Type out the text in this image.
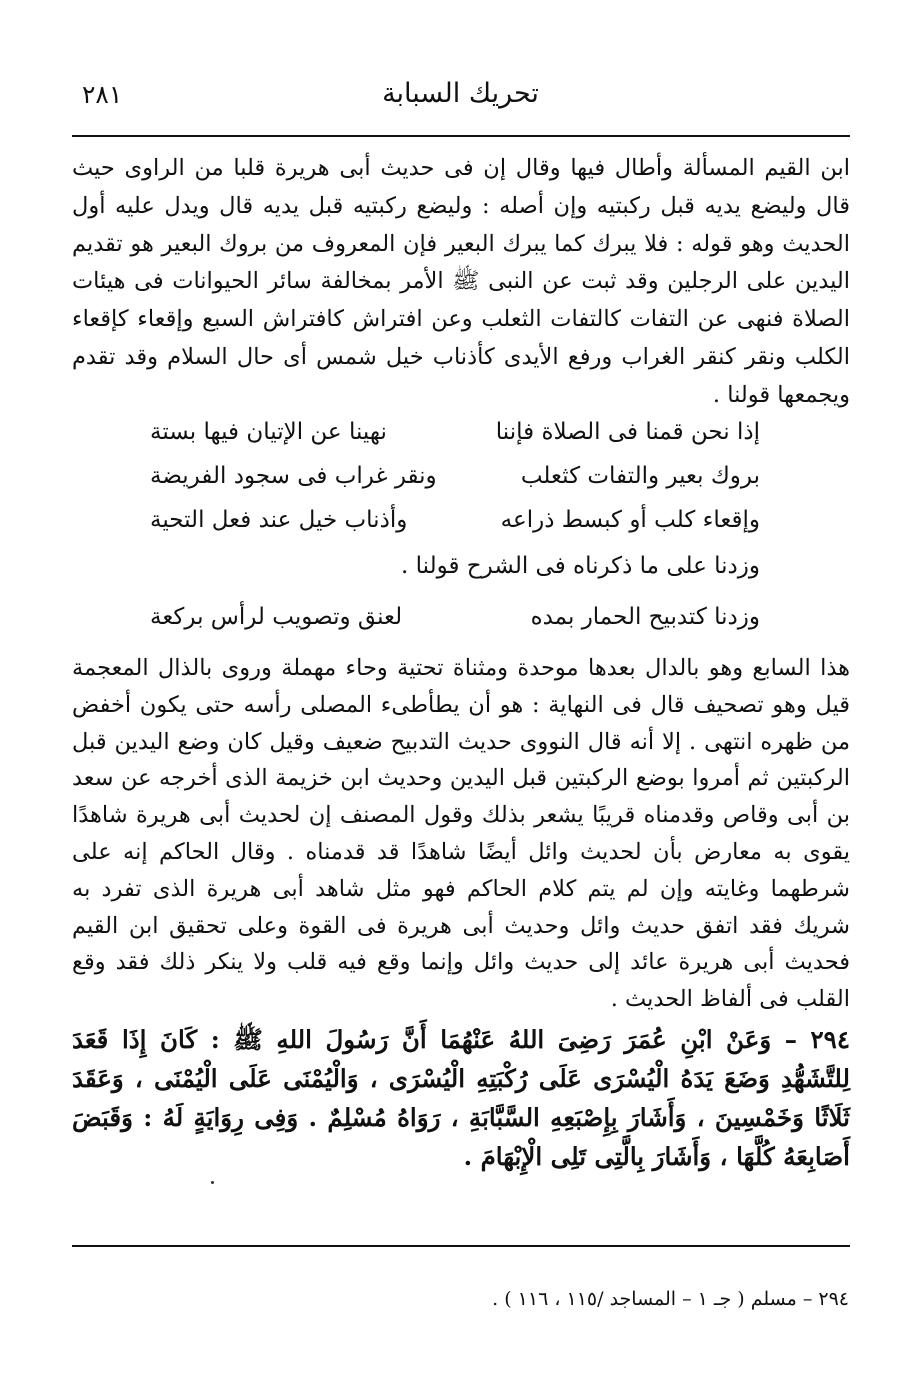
٢٨١	تحريك السبابة
ابن القيم المسألة وأطال فيها وقال إن فى حديث أبى هريرة قلبا من الراوى حيث قال وليضع يديه قبل ركبتيه وإن أصله : وليضع ركبتيه قبل يديه قال ويدل عليه أول الحديث وهو قوله : فلا يبرك كما يبرك البعير فإن المعروف من بروك البعير هو تقديم اليدين على الرجلين وقد ثبت عن النبى ﷺ الأمر بمخالفة سائر الحيوانات فى هيئات الصلاة فنهى عن التفات كالتفات الثعلب وعن افتراش كافتراش السبع وإقعاء كإقعاء الكلب ونقر كنقر الغراب ورفع الأيدى كأذناب خيل شمس أى حال السلام وقد تقدم ويجمعها قولنا .
إذا نحن قمنا فى الصلاة فإننا
نهينا عن الإتيان فيها بستة
بروك بعير والتفات كثعلب
ونقر غراب فى سجود الفريضة
وإقعاء كلب أو كبسط ذراعه
وأذناب خيل عند فعل التحية
وزدنا على ما ذكرناه فى الشرح قولنا .
وزدنا كتدبيح الحمار بمده
لعنق وتصويب لرأس بركعة
هذا السابع وهو بالدال بعدها موحدة ومثناة تحتية وحاء مهملة وروى بالذال المعجمة قيل وهو تصحيف قال فى النهاية : هو أن يطأطىء المصلى رأسه حتى يكون أخفض من ظهره انتهى . إلا أنه قال النووى حديث التدبيح ضعيف وقيل كان وضع اليدين قبل الركبتين ثم أمروا بوضع الركبتين قبل اليدين وحديث ابن خزيمة الذى أخرجه عن سعد بن أبى وقاص وقدمناه قريبًا يشعر بذلك وقول المصنف إن لحديث أبى هريرة شاهدًا يقوى به معارض بأن لحديث وائل أيضًا شاهدًا قد قدمناه . وقال الحاكم إنه على شرطهما وغايته وإن لم يتم كلام الحاكم فهو مثل شاهد أبى هريرة الذى تفرد به شريك فقد اتفق حديث وائل وحديث أبى هريرة فى القوة وعلى تحقيق ابن القيم فحديث أبى هريرة عائد إلى حديث وائل وإنما وقع فيه قلب ولا ينكر ذلك فقد وقع القلب فى ألفاظ الحديث .
٢٩٤ – وَعَنْ ابْنِ عُمَرَ رَضِىَ اللهُ عَنْهُمَا أَنَّ رَسُولَ اللهِ ﷺ : كَانَ إِذَا قَعَدَ لِلتَّشَهُّدِ وَضَعَ يَدَهُ الْيُسْرَى عَلَى رُكْبَتِهِ الْيُسْرَى ، وَالْيُمْنَى عَلَى الْيُمْنَى ، وَعَقَدَ ثَلَاثًا وَخَمْسِينَ ، وَأَشَارَ بِإِصْبَعِهِ السَّبَّابَةِ ، رَوَاهُ مُسْلِمٌ . وَفِى رِوَايَةٍ لَهُ : وَقَبَضَ أَصَابِعَهُ كُلَّهَا ، وَأَشَارَ بِالَّتِى تَلِى الْإِبْهَامَ .
٢٩٤ – مسلم ( جـ ١ – المساجد /١١٥ ، ١١٦ ) .
